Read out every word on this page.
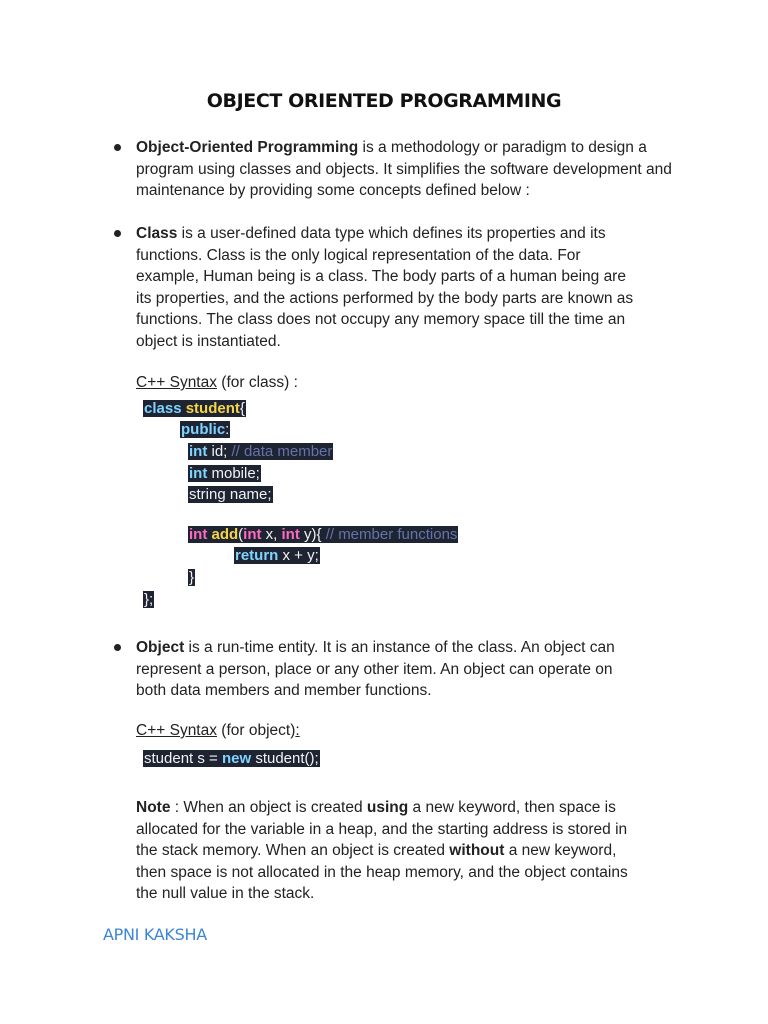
OBJECT ORIENTED PROGRAMMING
Object-Oriented Programming is a methodology or paradigm to design a program using classes and objects. It simplifies the software development and maintenance by providing some concepts defined below :
Class is a user-defined data type which defines its properties and its functions. Class is the only logical representation of the data. For example, Human being is a class. The body parts of a human being are its properties, and the actions performed by the body parts are known as functions. The class does not occupy any memory space till the time an object is instantiated.
C++ Syntax (for class) :
class student{
public:
int id; // data member
int mobile;
string name;
int add(int x, int y){ // member functions
return x + y;
}
};
Object is a run-time entity. It is an instance of the class. An object can represent a person, place or any other item. An object can operate on both data members and member functions.
C++ Syntax (for object):
student s = new student();
Note : When an object is created using a new keyword, then space is allocated for the variable in a heap, and the starting address is stored in the stack memory. When an object is created without a new keyword, then space is not allocated in the heap memory, and the object contains the null value in the stack.
APNI KAKSHA
